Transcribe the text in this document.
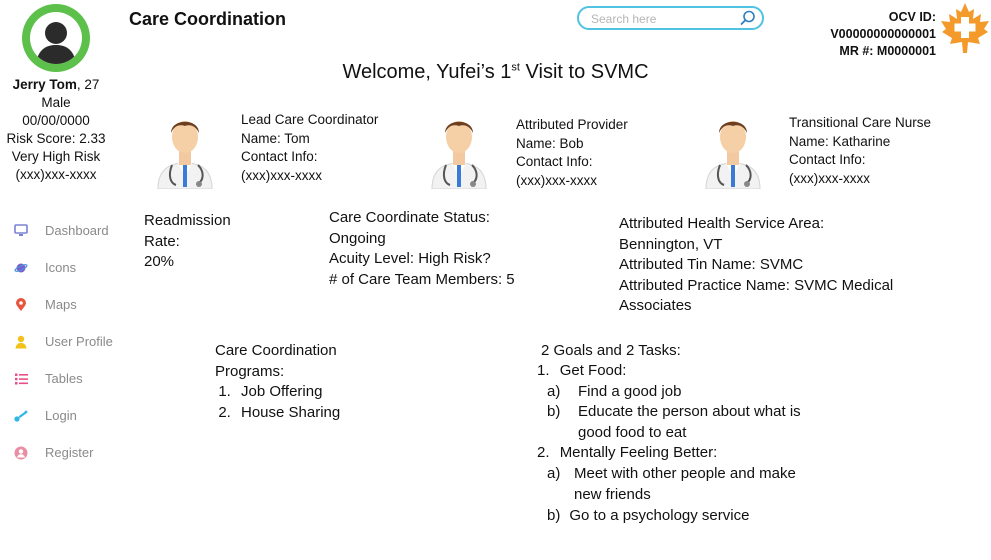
Jerry Tom, 27
Male
00/00/0000
Risk Score: 2.33
Very High Risk
(xxx)xxx-xxxx
Dashboard
Icons
Maps
User Profile
Tables
Login
Register
Care Coordination
Search here	OCV ID: V00000000000001
MR #: M0000001
Welcome, Yufei’s 1st Visit to SVMC
Lead Care Coordinator
Name: Tom
Contact Info:
(xxx)xxx-xxxx
Attributed Provider
Name: Bob
Contact Info:
(xxx)xxx-xxxx
Transitional Care Nurse
Name: Katharine
Contact Info:
(xxx)xxx-xxxx
Readmission
Rate:
20%
Care Coordinate Status:
Ongoing
Acuity Level: High Risk?
# of Care Team Members: 5
Attributed Health Service Area:
Bennington, VT
Attributed Tin Name: SVMC
Attributed Practice Name: SVMC Medical
Associates
Care Coordination
Programs:
1. Job Offering
2. House Sharing
2 Goals and 2 Tasks:
1. Get Food:
a) Find a good job
b) Educate the person about what is
good food to eat
2. Mentally Feeling Better:
a) Meet with other people and make
new friends
b) Go to a psychology service
